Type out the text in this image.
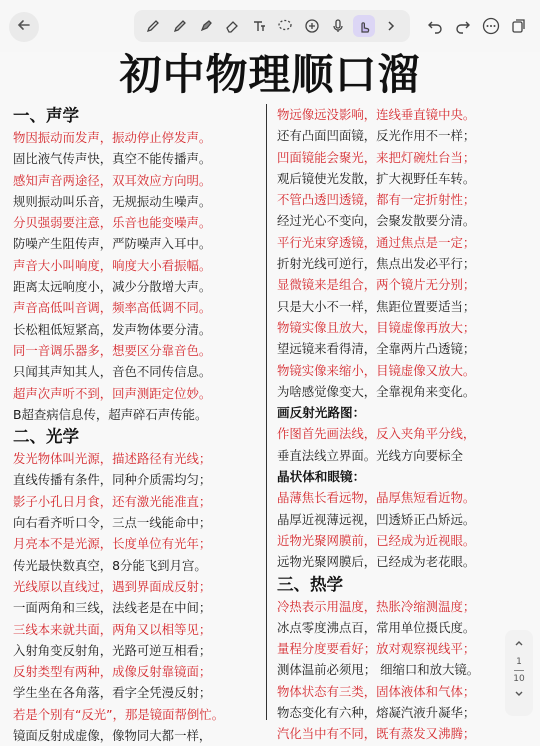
初中物理顺口溜
一、声学
物因振动而发声，振动停止停发声。
固比液气传声快，真空不能传播声。
感知声音两途径，双耳效应方向明。
规则振动叫乐音，无规振动生噪声。
分贝强弱要注意，乐音也能变噪声。
防噪产生阻传声，严防噪声入耳中。
声音大小叫响度，响度大小看振幅。
距离太远响度小，减少分散增大声。
声音高低叫音调，频率高低调不同。
长松粗低短紧高，发声物体要分清。
同一音调乐器多，想要区分靠音色。
只闻其声知其人，音色不同传信息。
超声次声听不到，回声测距定位妙。
B超查病信息传，超声碎石声传能。
二、光学
发光物体叫光源，描述路径有光线；
直线传播有条件，同种介质需均匀；
影子小孔日月食，还有激光能准直；
向右看齐听口令，三点一线能命中；
月亮本不是光源，长度单位有光年；
传光最快数真空，8分能飞到月宫。
光线原以直线过，遇到界面成反射；
一面两角和三线，法线老是在中间；
三线本来就共面，两角又以相等见；
入射角变反射角，光路可逆互相看；
反射类型有两种，成像反射靠镜面；
学生坐在各角落，看字全凭漫反射；
若是个别有“反光”，那是镜面帮倒忙。
镜面反射成虚像，像物同大都一样，
物远像远没影响，连线垂直镜中央。
还有凸面凹面镜，反光作用不一样；
凹面镜能会聚光，来把灯碗灶台当；
观后镜使光发散，扩大视野任车转。
不管凸透凹透镜，都有一定折射性；
经过光心不变向，会聚发散要分清。
平行光束穿透镜，通过焦点是一定；
折射光线可逆行，焦点出发必平行；
显微镜来是组合，两个镜片无分别；
只是大小不一样，焦距位置要适当；
物镜实像且放大，目镜虚像再放大；
望远镜来看得清，全靠两片凸透镜；
物镜实像来缩小，目镜虚像又放大。
为啥感觉像变大，全靠视角来变化。
画反射光路图：
作图首先画法线，反入夹角平分线，
垂直法线立界面。光线方向要标全
晶状体和眼镜：
晶薄焦长看远物，晶厚焦短看近物。
晶厚近视薄远视，凹透矫正凸矫远。
近物光聚网膜前，已经成为近视眼。
远物光聚网膜后，已经成为老花眼。
三、热学
冷热表示用温度，热胀冷缩测温度；
冰点零度沸点百，常用单位摄氏度。
量程分度要看好；放对观察视线平；
测体温前必须甩； 细缩口和放大镜。
物体状态有三类，固体液体和气体；
物态变化有六种，熔凝汽液升凝华；
汽化当中有不同，既有蒸发又沸腾；
1
10
